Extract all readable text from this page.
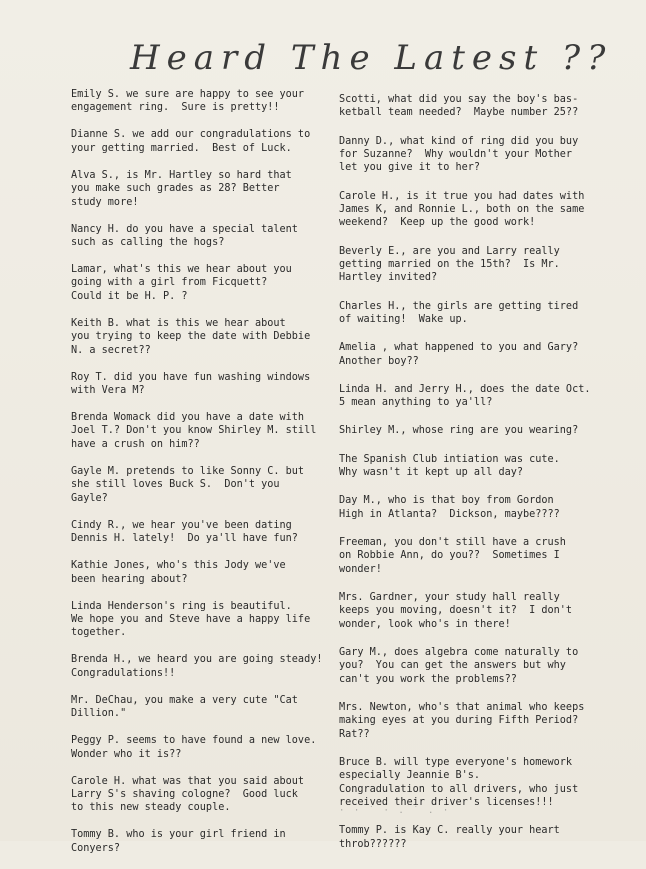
Heard The Latest ??
Emily S. we sure are happy to see your
engagement ring.  Sure is pretty!!
Dianne S. we add our congradulations to
your getting married.  Best of Luck.
Alva S., is Mr. Hartley so hard that
you make such grades as 28? Better
study more!
Nancy H. do you have a special talent
such as calling the hogs?
Lamar, what's this we hear about you
going with a girl from Ficquett?
Could it be H. P. ?
Keith B. what is this we hear about
you trying to keep the date with Debbie
N. a secret??
Roy T. did you have fun washing windows
with Vera M?
Brenda Womack did you have a date with
Joel T.? Don't you know Shirley M. still
have a crush on him??
Gayle M. pretends to like Sonny C. but
she still loves Buck S.  Don't you
Gayle?
Cindy R., we hear you've been dating
Dennis H. lately!  Do ya'll have fun?
Kathie Jones, who's this Jody we've
been hearing about?
Linda Henderson's ring is beautiful.
We hope you and Steve have a happy life
together.
Brenda H., we heard you are going steady!
Congradulations!!
Mr. DeChau, you make a very cute "Cat
Dillion."
Peggy P. seems to have found a new love.
Wonder who it is??
Carole H. what was that you said about
Larry S's shaving cologne?  Good luck
to this new steady couple.
Tommy B. who is your girl friend in
Conyers?
Scotti, what did you say the boy's bas-
ketball team needed?  Maybe number 25??
Danny D., what kind of ring did you buy
for Suzanne?  Why wouldn't your Mother
let you give it to her?
Carole H., is it true you had dates with
James K, and Ronnie L., both on the same
weekend?  Keep up the good work!
Beverly E., are you and Larry really
getting married on the 15th?  Is Mr.
Hartley invited?
Charles H., the girls are getting tired
of waiting!  Wake up.
Amelia , what happened to you and Gary?
Another boy??
Linda H. and Jerry H., does the date Oct.
5 mean anything to ya'll?
Shirley M., whose ring are you wearing?
The Spanish Club intiation was cute.
Why wasn't it kept up all day?
Day M., who is that boy from Gordon
High in Atlanta?  Dickson, maybe????
Freeman, you don't still have a crush
on Robbie Ann, do you??  Sometimes I
wonder!
Mrs. Gardner, your study hall really
keeps you moving, doesn't it?  I don't
wonder, look who's in there!
Gary M., does algebra come naturally to
you?  You can get the answers but why
can't you work the problems??
Mrs. Newton, who's that animal who keeps
making eyes at you during Fifth Period?
Rat??
Bruce B. will type everyone's homework
especially Jeannie B's.
Congradulation to all drivers, who just
received their driver's licenses!!!
Tommy P. is Kay C. really your heart
throb??????
· · ˙ · . ˙ . ·
